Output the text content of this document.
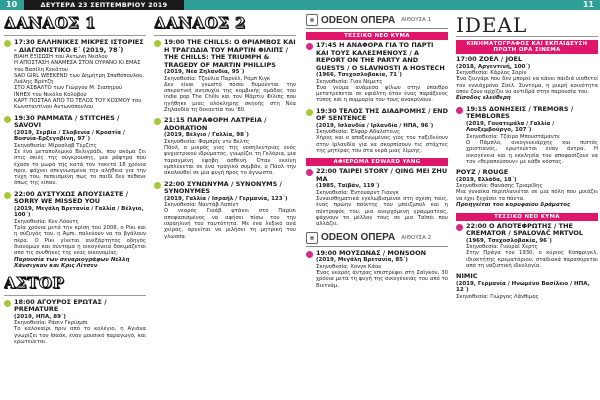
10	ΔΕΥΤΕΡΑ 23 ΣΕΠΤΕΜΒΡΙΟΥ 2019	11
ΔΑΝΑΟΣ 1
17:30 ΕΛΛΗΝΙΚΕΣ ΜΙΚΡΕΣ ΙΣΤΟΡΙΕΣ - ΔΙΑΓΩΝΙΣΤΙΚΟ Ε΄ (2019, 78΄)
ΒΙΑΙΗ ΕΞΙΣΩΣΗ του Αντώνη Νεσλου
Η ΑΠΟΣΤΑΣΗ ΑΝΑΜΕΣΑ ΣΤΟΝ ΟΥΡΑΝΟ ΚΙ ΕΜΑΣ του Βασίλη Κεκάτου
SAD GIRL WEEKEND των Δημήτρη Σπαθόπουλου, Λιάλης Βρέτζη
ΣΤΟ ΑΣΒΑΛΤΟ των Γιώργου Μ. Σιαπηρού
INHEX του Νικόλα Κολοβού
ΚΑΡΤ ΠΟΣΤΑΛ ΑΠΟ ΤΟ ΤΕΛΟΣ ΤΟΥ ΚΟΣΜΟΥ του Κωνσταντίνου Αντωνόπουλου
19:30 PAMMATA / STITCHES / SAVOVI
(2019, Σερβία / Σλοβενία / Κροατία / Βοσνία-Ερζεγοβίνη, 97΄)
Σκηνοθεσία: Μίροσλαβ Τέρζιτς
Σε ένα μεταπολεμικό Βελιγράδι, που ακόμα ζει στις σκιές της σύγκρουσης, μια ράφτρα που έχασε το μωρό της κατά τον τοκετό 18 χρόνια πριν, ψάχνει απεγνωσμένα την αλήθεια για την τύχη του, πεπεισμένη πως το παιδί δεν πέθανε όπως της είπαν.
22:00 ΔΥΣΤΥΧΩΣ ΑΠΟΥΣΙΑΣΤΕ / SORRY WE MISSED YOU
(2019, Μεγάλη Βρετανία / Γαλλία / Βέλγιο, 100΄)
Σκηνοθεσία: Κεν Λόουτς
Τρία χρόνια μετά την κρίση του 2008, ο Ρίκι και η σύζυγός του, η Άμπι, παλεύουν να τα βγάλουν πέρα. Ο Ρίκι γίνεται ανεξάρτητος οδηγός διανομών και σύντομα η οικογένεια δοκιμάζεται από τις συνθήκες της νέας οικονομίας.
Παρουσία των σεναριογράφων Νέλλη Χάνσιγκαν και Κρις Λίτσεν
ΑΣΤΟΡ
18:00 ΑΓΟΥΡΟΣ ΕΡΩΤΑΣ / PREMATURE
(2019, ΗΠΑ, 89΄)
Σκηνοθεσία: Ράσιν Γκρίσμπι
Το καλοκαίρι πριν από το κολέγιο, η Αγιάνα γνωρίζει τον Ισαάκ, έναν μουσικό παραγωγό, και ερωτεύεται.
ΔΑΝΑΟΣ 2
19:00 THE CHILLS: Ο ΘΡΙΑΜΒΟΣ ΚΑΙ Η ΤΡΑΓΩΔΙΑ ΤΟΥ ΜΑΡΤΙΝ ΦΙΛΙΠΣ / THE CHILLS: THE TRIUMPH & TRAGEDY OF MARTIN PHILLIPS
(2019, Νέα Ζηλανδία, 95΄)
Σκηνοθεσία: Τζούλια Παρνέλ, Ρόμπ Κιγκ
Δεν είναι γνωστό πόσοι θυμούνται την οπερατική ανησυχία της κομβικής ομάδας του indie pop The Chills και τον Μάρτιν Φίλιπς που ηγήθηκε μιας ολόκληρης σκηνής στη Νέα Ζηλανδία τη δεκαετία του '80.
21:15 ΠΑΡΑΦΟΡΗ ΛΑΤΡΕΙΑ / ADORATION
(2019, Βέλγιο / Γαλλία, 98΄)
Σκηνοθεσία: Φαμπρίς ντυ Βελτς
Πάολ, ο μικρός γιος της νοσηλεύτριας ενός ψυχιατρικού ιδρύματος, γνωρίζει τη Γκλόρια, μια ταραγμένη έφηβη ασθενή. Όταν εκείνη εμπλέκεται σε ένα τραγικό συμβάν, ο Πάολ την ακολουθεί σε μια φυγή προς το άγνωστο.
22:00 ΣΥΝΩΝΥΜΑ / SYNONYMS / SYNONYMES
(2019, Γαλλία / Ισραήλ / Γερμανία, 123΄)
Σκηνοθεσία: Ναντάβ Λαπίντ
Ο νεαρός Γιοάβ φτάνει στο Παρίσι αποφασισμένος να αφήσει πίσω του την ισραηλινή του ταυτότητα. Με ένα λεξικό ανά χείρας, αρνείται να μιλήσει τη μητρική του γλώσσα.
ODEON ΟΠΕΡΑ ΑΙΘΟΥΣΑ 1
ΤΕΣΣΙΚΟ ΝΕΟ ΚΥΜΑ
17:45 Η ΑΝΑΦΟΡΑ ΓΙΑ ΤΟ ΠΑΡΤΙ ΚΑΙ ΤΟΥΣ ΚΑΛΕΣΜΕΝΟΥΣ / A REPORT ON THE PARTY AND GUESTS / O SLAVNOSTI A HOSTECH
(1966, Τσεχοσλοβακία, 71΄)
Σκηνοθεσία: Γιαν Νέμετς
Ένα γεύμα ανάμεσα φίλων στην ύπαιθρο μετατρέπεται σε εφιάλτη όταν ένας παράξενος τύπος και η συμμορία του τους ανακρίνουν.
19:30 ΤΕΛΟΣ ΤΗΣ ΔΙΑΔΡΟΜΗΣ / END OF SENTENCE
(2019, Ισλανδία / Ιρλανδία / ΗΠΑ, 96΄)
Σκηνοθεσία: Έλφαρ Αδαλστέινς
Χήρος και ο αποξενωμένος γιος του ταξιδεύουν στην Ιρλανδία για να σκορπίσουν τις στάχτες της μητέρας του στα νερά μιας λίμνης.
ΑΦΙΕΡΩΜΑ EDWARD YANG
22:00 TAIPEI STORY / QING MEI ZHU MA
(1985, Ταϊβάν, 119΄)
Σκηνοθεσία: Έντουαρντ Γιανγκ
Συναισθηματικά εγκλωβισμένοι στη σχέση τους, ένας πρώην παίκτης του μπέιζμπολ και η σύντροφός του, μια ανερχόμενη γραμματέας, ψάχνουν το μέλλον τους σε μια Ταϊπέι που αλλάζει.
ODEON ΟΠΕΡΑ ΑΙΘΟΥΣΑ 2
19:00 ΜΟΥΣΩΝΑΣ / MONSOON
(2019, Μεγάλη Βρετανία, 85΄)
Σκηνοθεσία: Χονγκ Κάου
Ένας νεαρός άντρας επιστρέφει στη Σαϊγκόν, 30 χρόνια μετά τη φυγή της οικογένειάς του από το Βιετνάμ.
IDEAL
ΚΙΝΗΜΑΤΟΓΡΑΦΟΣ ΚΑΙ ΕΚΠΑΙΔΕΥΣΗ ΠΡΩΤΗ ΟΡΑ ΣΙΝΕΜΑ
17:00 ΖΟΕΛ / JOEL
(2018, Αργεντινή, 100΄)
Σκηνοθεσία: Κάρλος Σορίν
Ένα ζευγάρι που δεν μπορεί να κάνει παιδιά υιοθετεί τον εννιάχρονο Ζοέλ. Σύντομα, η μικρή κοινότητα όπου ζουν αρχίζει να αντιδρά στην παρουσία του.
Είσοδος ελεύθερη
19:15 ΔΟΝΗΣΕΙΣ / TREMORS / TEMBLORES
(2019, Γουατεμάλα / Γαλλία / Λουξεμβούργο, 107΄)
Σκηνοθεσία: Τζάιρο Μπουστάμαντε
Ο Πάμπλο, οικογενειάρχης και πιστός χριστιανός, ερωτεύεται έναν άντρα. Η οικογένεια και η εκκλησία του αποφασίζουν να τον «θεραπεύσουν» με κάθε κόστος.
ΡΟΥΖ / ROUGE
(2019, Ελλάδα, 18΄)
Σκηνοθεσία: Θανάσης Τριαρίδης
Μια γυναίκα περιπλανιέται σε μια πόλη που μοιάζει να έχει ξεχάσει τα πάντα.
Προηγείται του κορυφαίου δράματος
ΤΕΣΣΙΚΟ ΝΕΟ ΚΥΜΑ
22:00 Ο ΑΠΟΤΕΦΡΩΤΗΣ / THE CREMATOR / SPALOVAČ MRTVOL
(1969, Τσεχοσλοβακία, 96΄)
Σκηνοθεσία: Γιούραϊ Χερτς
Στην Πράγα του 1930, ο κύριος Κόπφριγκλ, ιδιοκτήτης κρεματόριου, σταδιακά παρασύρεται από τη ναζιστική ιδεολογία.
NIMIC
(2019, Γερμανία / Ηνωμένο Βασίλειο / ΗΠΑ, 12΄)
Σκηνοθεσία: Γιώργος Λάνθιμος
